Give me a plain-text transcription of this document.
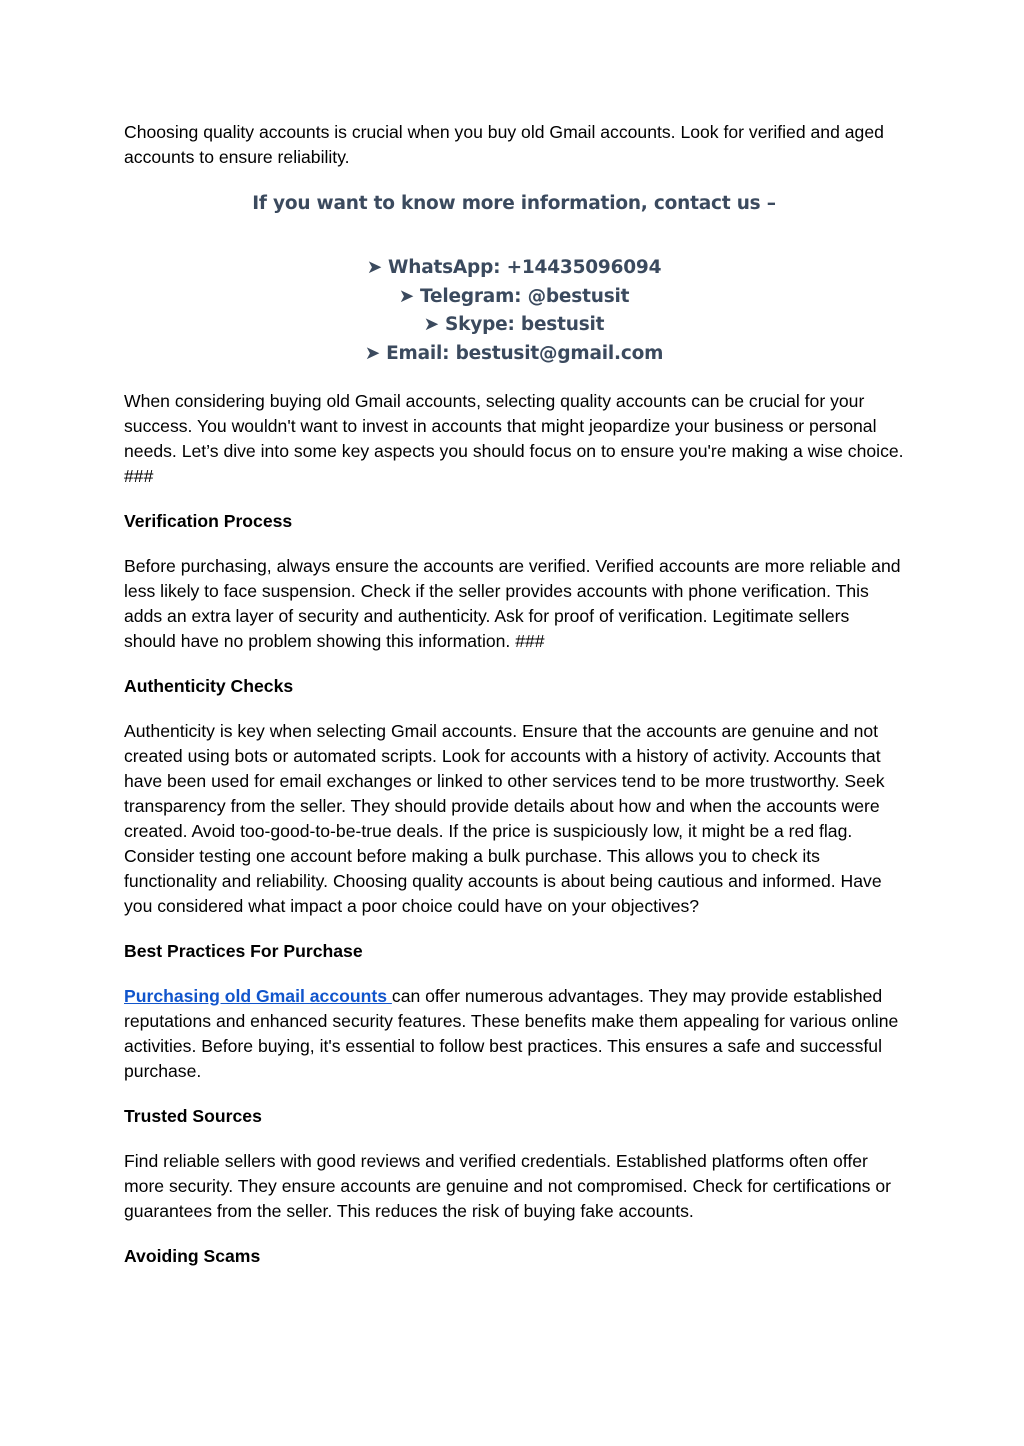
Choosing quality accounts is crucial when you buy old Gmail accounts. Look for verified and aged accounts to ensure reliability.

If you want to know more information, contact us –

➤ WhatsApp: +14435096094
➤ Telegram: @bestusit
➤ Skype: bestusit
➤ Email: bestusit@gmail.com

When considering buying old Gmail accounts, selecting quality accounts can be crucial for your success. You wouldn't want to invest in accounts that might jeopardize your business or personal needs. Let’s dive into some key aspects you should focus on to ensure you're making a wise choice. ###

Verification Process

Before purchasing, always ensure the accounts are verified. Verified accounts are more reliable and less likely to face suspension. Check if the seller provides accounts with phone verification. This adds an extra layer of security and authenticity. Ask for proof of verification. Legitimate sellers should have no problem showing this information. ###

Authenticity Checks

Authenticity is key when selecting Gmail accounts. Ensure that the accounts are genuine and not created using bots or automated scripts. Look for accounts with a history of activity. Accounts that have been used for email exchanges or linked to other services tend to be more trustworthy. Seek transparency from the seller. They should provide details about how and when the accounts were created. Avoid too-good-to-be-true deals. If the price is suspiciously low, it might be a red flag. Consider testing one account before making a bulk purchase. This allows you to check its functionality and reliability. Choosing quality accounts is about being cautious and informed. Have you considered what impact a poor choice could have on your objectives?

Best Practices For Purchase

Purchasing old Gmail accounts can offer numerous advantages. They may provide established reputations and enhanced security features. These benefits make them appealing for various online activities. Before buying, it's essential to follow best practices. This ensures a safe and successful purchase.

Trusted Sources

Find reliable sellers with good reviews and verified credentials. Established platforms often offer more security. They ensure accounts are genuine and not compromised. Check for certifications or guarantees from the seller. This reduces the risk of buying fake accounts.

Avoiding Scams
